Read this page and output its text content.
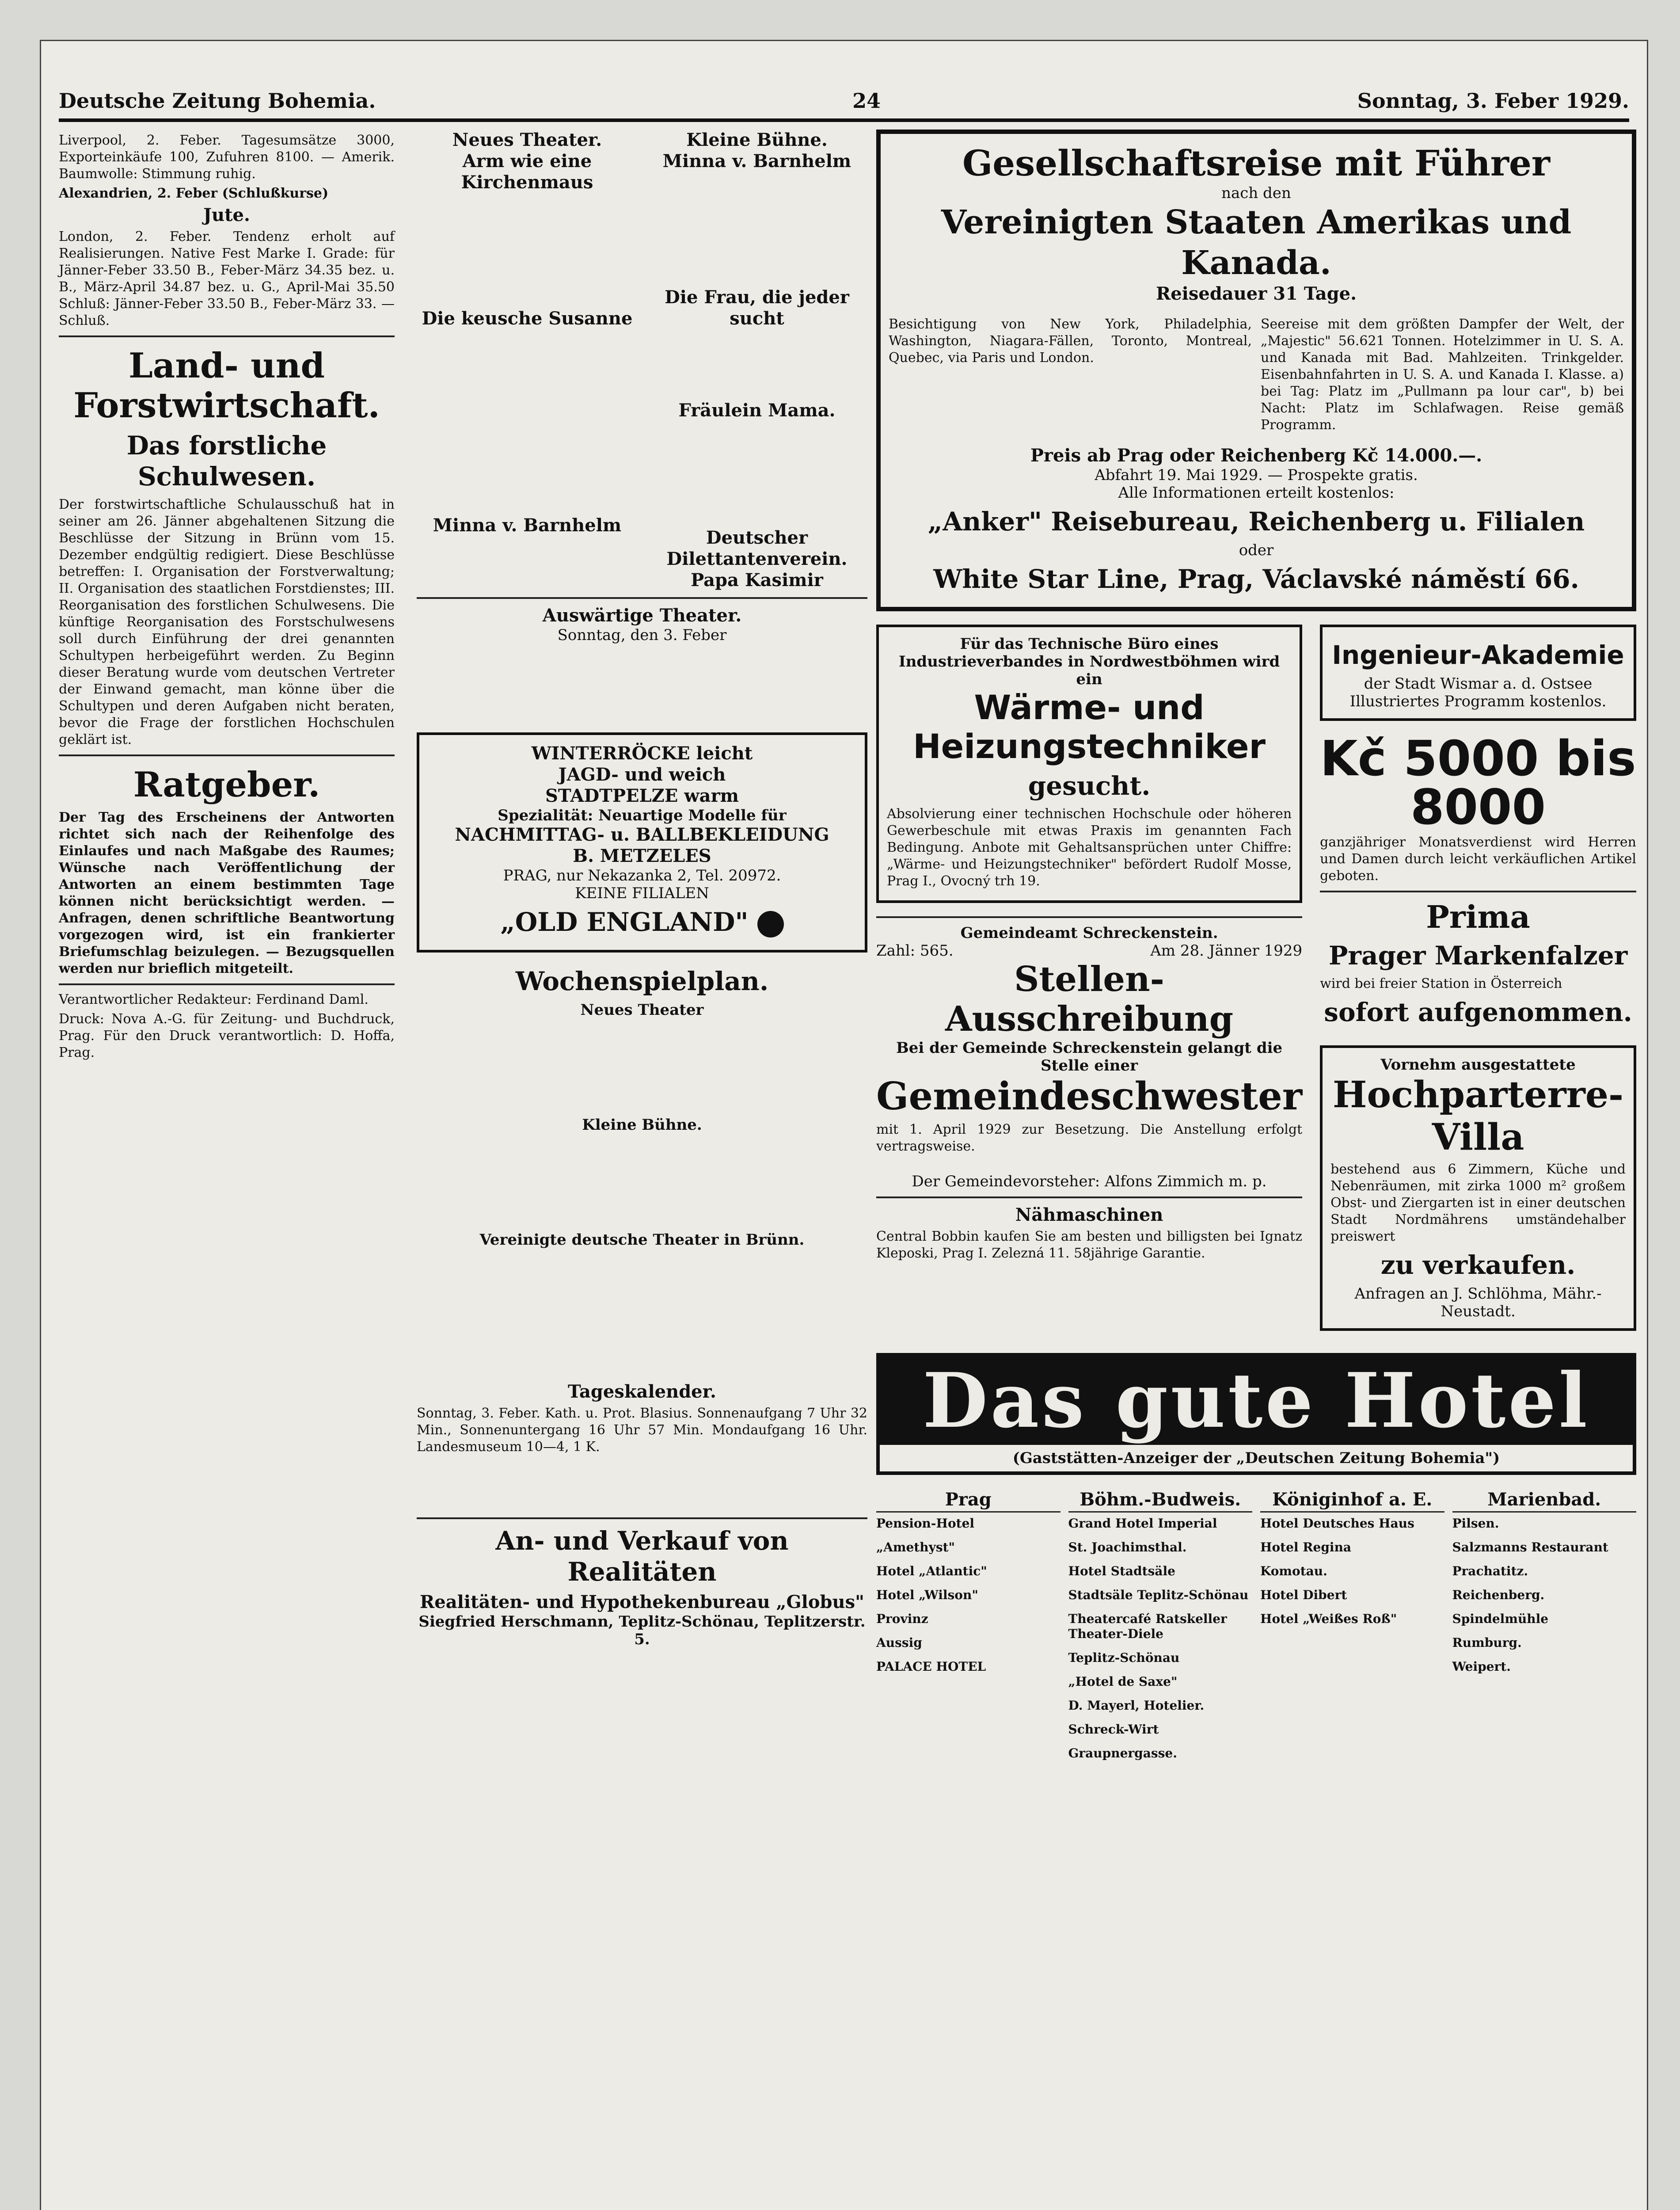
Deutsche Zeitung Bohemia.	24	Sonntag, 3. Feber 1929.
Liverpool, 2. Feber. Tagesumsätze 3000, Exporteinkäufe 100, Zufuhren 8100. — Amerik. Baumwolle: Stimmung ruhig.
Alexandrien, 2. Feber (Schlußkurse)
Jute.
London, 2. Feber. Tendenz erholt auf Realisierungen. Native Fest Marke I. Grade: für Jänner-Feber 33.50 B., Feber-März 34.35 bez. u. B., März-April 34.87 bez. u. G., April-Mai 35.50 Schluß: Jänner-Feber 33.50 B., Feber-März 33. — Schluß.
Land- und Forstwirtschaft.
Das forstliche Schulwesen.
Der forstwirtschaftliche Schulausschuß hat in seiner am 26. Jänner abgehaltenen Sitzung die Beschlüsse der Sitzung in Brünn vom 15. Dezember endgültig redigiert. Diese Beschlüsse betreffen: I. Organisation der Forstverwaltung; II. Organisation des staatlichen Forstdienstes; III. Reorganisation des forstlichen Schulwesens. Die künftige Reorganisation des Forstschulwesens soll durch Einführung der drei genannten Schultypen herbeigeführt werden. Zu Beginn dieser Beratung wurde vom deutschen Vertreter der Einwand gemacht, man könne über die Schultypen und deren Aufgaben nicht beraten, bevor die Frage der forstlichen Hochschulen geklärt ist.
Ratgeber.
Der Tag des Erscheinens der Antworten richtet sich nach der Reihenfolge des Einlaufes und nach Maßgabe des Raumes; Wünsche nach Veröffentlichung der Antworten an einem bestimmten Tage können nicht berücksichtigt werden. — Anfragen, denen schriftliche Beantwortung vorgezogen wird, ist ein frankierter Briefumschlag beizulegen. — Bezugsquellen werden nur brieflich mitgeteilt.
Verantwortlicher Redakteur: Ferdinand Daml.
Druck: Nova A.-G. für Zeitung- und Buchdruck, Prag. Für den Druck verantwortlich: D. Hoffa, Prag.
Neues Theater.
Arm wie eine Kirchenmaus
Die keusche Susanne
Minna v. Barnhelm
Kleine Bühne.
Minna v. Barnhelm
Die Frau, die jeder sucht
Fräulein Mama.
Deutscher Dilettantenverein.
Papa Kasimir
Auswärtige Theater.
Sonntag, den 3. Feber
WINTERRÖCKE leicht
JAGD- und weich
STADTPELZE warm
Spezialität: Neuartige Modelle für
NACHMITTAG- u. BALLBEKLEIDUNG
B. METZELES
PRAG, nur Nekazanka 2, Tel. 20972.
KEINE FILIALEN
„OLD ENGLAND"
Wochenspielplan.
Neues Theater
Kleine Bühne.
Vereinigte deutsche Theater in Brünn.
Tageskalender.
Sonntag, 3. Feber. Kath. u. Prot. Blasius. Sonnenaufgang 7 Uhr 32 Min., Sonnenuntergang 16 Uhr 57 Min. Mondaufgang 16 Uhr. Landesmuseum 10—4, 1 K.
An- und Verkauf von Realitäten
Realitäten- und Hypothekenbureau „Globus"
Siegfried Herschmann, Teplitz-Schönau, Teplitzerstr. 5.
Gesellschaftsreise mit Führer
nach den
Vereinigten Staaten Amerikas und Kanada.
Reisedauer 31 Tage.
Besichtigung von New York, Philadelphia, Washington, Niagara-Fällen, Toronto, Montreal, Quebec, via Paris und London.
Seereise mit dem größten Dampfer der Welt, der „Majestic" 56.621 Tonnen. Hotelzimmer in U. S. A. und Kanada mit Bad. Mahlzeiten. Trinkgelder. Eisenbahnfahrten in U. S. A. und Kanada I. Klasse. a) bei Tag: Platz im „Pullmann pa lour car", b) bei Nacht: Platz im Schlafwagen. Reise gemäß Programm.
Preis ab Prag oder Reichenberg Kč 14.000.—.
Abfahrt 19. Mai 1929. — Prospekte gratis.
Alle Informationen erteilt kostenlos:
„Anker" Reisebureau, Reichenberg u. Filialen
oder
White Star Line, Prag, Václavské náměstí 66.
Für das Technische Büro eines Industrieverbandes in Nordwestböhmen wird ein
Wärme- und Heizungstechniker
gesucht.
Absolvierung einer technischen Hochschule oder höheren Gewerbeschule mit etwas Praxis im genannten Fach Bedingung. Anbote mit Gehaltsansprüchen unter Chiffre: „Wärme- und Heizungstechniker" befördert Rudolf Mosse, Prag I., Ovocný trh 19.
Gemeindeamt Schreckenstein.
Zahl: 565.	Am 28. Jänner 1929
Stellen-Ausschreibung
Bei der Gemeinde Schreckenstein gelangt die Stelle einer
Gemeindeschwester
mit 1. April 1929 zur Besetzung. Die Anstellung erfolgt vertragsweise.
Der Gemeindevorsteher: Alfons Zimmich m. p.
Nähmaschinen
Central Bobbin kaufen Sie am besten und billigsten bei Ignatz Kleposki, Prag I. Zelezná 11. 58jährige Garantie.
Ingenieur-Akademie
der Stadt Wismar a. d. Ostsee
Illustriertes Programm kostenlos.
Kč 5000 bis 8000
ganzjähriger Monatsverdienst wird Herren und Damen durch leicht verkäuflichen Artikel geboten.
Prima
Prager Markenfalzer
wird bei freier Station in Österreich
sofort aufgenommen.
Vornehm ausgestattete
Hochparterre-Villa
bestehend aus 6 Zimmern, Küche und Nebenräumen, mit zirka 1000 m² großem Obst- und Ziergarten ist in einer deutschen Stadt Nordmährens umständehalber preiswert
zu verkaufen.
Anfragen an J. Schlöhma, Mähr.-Neustadt.
Das gute Hotel
(Gaststätten-Anzeiger der „Deutschen Zeitung Bohemia")
Prag
Pension-Hotel
„Amethyst"
Hotel „Atlantic"
Hotel „Wilson"
Provinz
Aussig
PALACE HOTEL
Böhm.-Budweis.
Grand Hotel Imperial
St. Joachimsthal.
Hotel Stadtsäle
Stadtsäle Teplitz-Schönau
Theatercafé Ratskeller Theater-Diele
Teplitz-Schönau
„Hotel de Saxe"
D. Mayerl, Hotelier.
Schreck-Wirt
Graupnergasse.
Königinhof a. E.
Hotel Deutsches Haus
Hotel Regina
Komotau.
Hotel Dibert
Hotel „Weißes Roß"
Marienbad.
Pilsen.
Salzmanns Restaurant
Prachatitz.
Reichenberg.
Spindelmühle
Rumburg.
Weipert.
